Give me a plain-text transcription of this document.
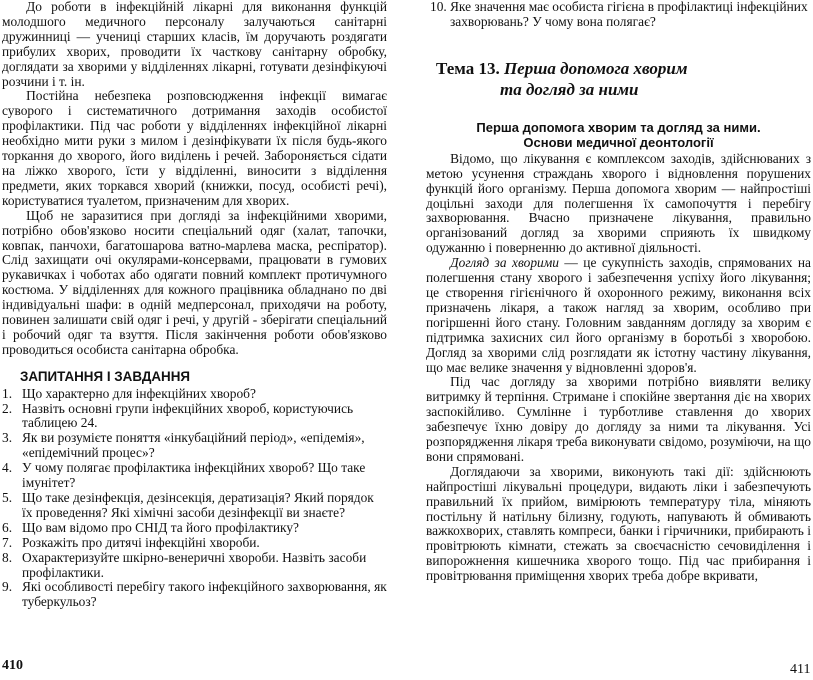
До роботи в інфекційній лікарні для виконання функцій молодшого медичного персоналу залучаються санітарні дружинниці — учениці старших класів, їм доручають роздягати прибулих хворих, проводити їх часткову санітарну обробку, доглядати за хворими у відділеннях лікарні, готувати дезінфікуючі розчини і т. ін.

Постійна небезпека розповсюдження інфекції вимагає суворого і систематичного дотримання заходів особистої профілактики. Під час роботи у відділеннях інфекційної лікарні необхідно мити руки з милом і дезінфікувати їх після будь-якого торкання до хворого, його виділень і речей. Забороняється сідати на ліжко хворого, їсти у відділенні, виносити з відділення предмети, яких торкався хворий (книжки, посуд, особисті речі), користуватися туалетом, призначеним для хворих.

Щоб не заразитися при догляді за інфекційними хворими, потрібно обов'язково носити спеціальний одяг (халат, тапочки, ковпак, панчохи, багатошарова ватно-марлева маска, респіратор). Слід захищати очі окулярами-консервами, працювати в гумових рукавичках і чоботах або одягати повний комплект протичумного костюма. У відділеннях для кожного працівника обладнано по дві індивідуальні шафи: в одній медперсонал, приходячи на роботу, повинен залишати свій одяг і речі, у другій - зберігати спеціальний і робочий одяг та взуття. Після закінчення роботи обов'язково проводиться особиста санітарна обробка.

ЗАПИТАННЯ І ЗАВДАННЯ
1. Що характерно для інфекційних хвороб?
2. Назвіть основні групи інфекційних хвороб, користуючись таблицею 24.
3. Як ви розумієте поняття «інкубаційний період», «епідемія», «епідемічний процес»?
4. У чому полягає профілактика інфекційних хвороб? Що таке імунітет?
5. Що таке дезінфекція, дезінсекція, дератизація? Який порядок їх проведення? Які хімічні засоби дезінфекції ви знаєте?
6. Що вам відомо про СНІД та його профілактику?
7. Розкажіть про дитячі інфекційні хвороби.
8. Охарактеризуйте шкірно-венеричні хвороби. Назвіть засоби профілактики.
9. Які особливості перебігу такого інфекційного захворювання, як туберкульоз?
410
10. Яке значення має особиста гігієна в профілактиці інфекційних захворювань? У чому вона полягає?
Тема 13. Перша допомога хворим
та догляд за ними
Перша допомога хворим та догляд за ними.
Основи медичної деонтології

Відомо, що лікування є комплексом заходів, здійснюваних з метою усунення страждань хворого і відновлення порушених функцій його організму. Перша допомога хворим — найпростіші доцільні заходи для полегшення їх самопочуття і перебігу захворювання. Вчасно призначене лікування, правильно організований догляд за хворими сприяють їх швидкому одужанню і поверненню до активної діяльності.

Догляд за хворими — це сукупність заходів, спрямованих на полегшення стану хворого і забезпечення успіху його лікування; це створення гігієнічного й охоронного режиму, виконання всіх призначень лікаря, а також нагляд за хворим, особливо при погіршенні його стану. Головним завданням догляду за хворим є підтримка захисних сил його організму в боротьбі з хворобою. Догляд за хворими слід розглядати як істотну частину лікування, що має велике значення у відновленні здоров'я.

Під час догляду за хворими потрібно виявляти велику витримку й терпіння. Стримане і спокійне звертання діє на хворих заспокійливо. Сумлінне і турботливе ставлення до хворих забезпечує їхню довіру до догляду за ними та лікування. Усі розпорядження лікаря треба виконувати свідомо, розуміючи, на що вони спрямовані.

Доглядаючи за хворими, виконують такі дії: здійснюють найпростіші лікувальні процедури, видають ліки і забезпечують правильний їх прийом, вимірюють температуру тіла, міняють постільну й натільну білизну, годують, напувають й обмивають важкохворих, ставлять компреси, банки і гірчичники, прибирають і провітрюють кімнати, стежать за своєчасністю сечовиділення і випорожнення кишечника хворого тощо. Під час прибирання і провітрювання приміщення хворих треба добре вкривати,

411
